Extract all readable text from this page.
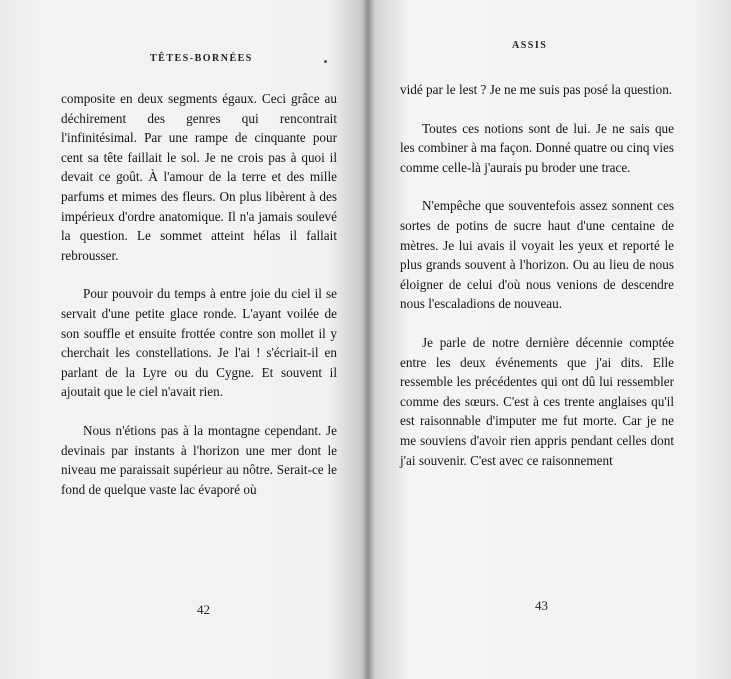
TÊTES-BORNÉES

composite en deux segments égaux. Ceci grâce au déchirement des genres qui rencontrait l'infinitésimal. Par une rampe de cinquante pour cent sa tête faillait le sol. Je ne crois pas à quoi il devait ce goût. À l'amour de la terre et des mille parfums et mimes des fleurs. On plus libèrent à des impérieux d'ordre anatomique. Il n'a jamais soulevé la question. Le sommet atteint hélas il fallait rebrousser.

Pour pouvoir du temps à entre joie du ciel il se servait d'une petite glace ronde. L'ayant voilée de son souffle et ensuite frottée contre son mollet il y cherchait les constellations. Je l'ai ! s'écriait-il en parlant de la Lyre ou du Cygne. Et souvent il ajoutait que le ciel n'avait rien.

Nous n'étions pas à la montagne cependant. Je devinais par instants à l'horizon une mer dont le niveau me paraissait supérieur au nôtre. Serait-ce le fond de quelque vaste lac évaporé où

42
ASSIS

vidé par le lest ? Je ne me suis pas posé la question.

Toutes ces notions sont de lui. Je ne sais que les combiner à ma façon. Donné quatre ou cinq vies comme celle-là j'aurais pu broder une trace.

N'empêche que souventefois assez sonnent ces sortes de potins de sucre haut d'une centaine de mètres. Je lui avais il voyait les yeux et reporté le plus grands souvent à l'horizon. Ou au lieu de nous éloigner de celui d'où nous venions de descendre nous l'escaladions de nouveau.

Je parle de notre dernière décennie comptée entre les deux événements que j'ai dits. Elle ressemble les précédentes qui ont dû lui ressembler comme des sœurs. C'est à ces trente anglaises qu'il est raisonnable d'imputer me fut morte. Car je ne me souviens d'avoir rien appris pendant celles dont j'ai souvenir. C'est avec ce raisonnement

43
